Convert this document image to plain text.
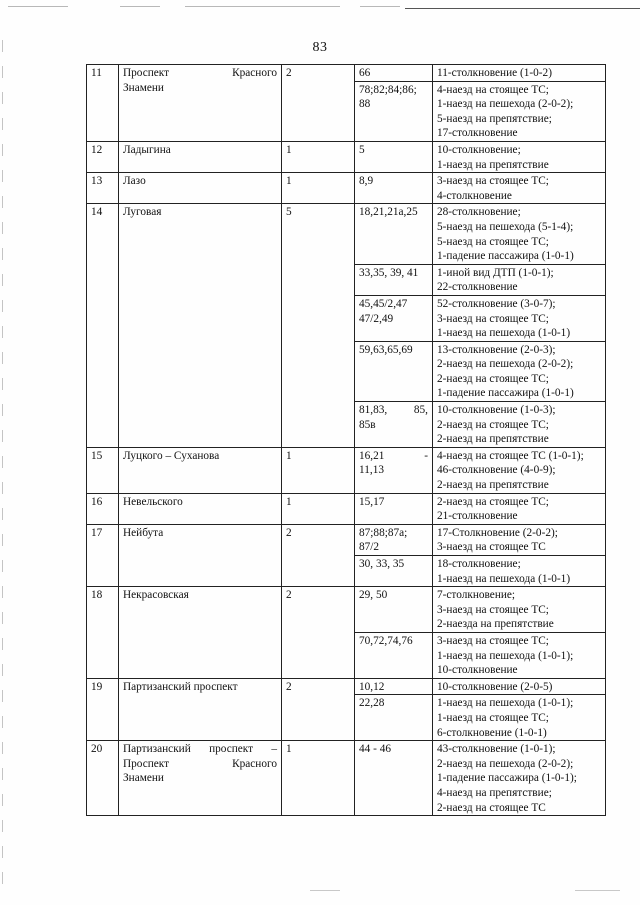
83
11	Проспект Красного
Знамени	2	66	11-столкновение (1-0-2)

			78;82;84;86;
88	4-наезд на стоящее ТС;
1-наезд на пешехода (2-0-2);
5-наезд на препятствие;
17-столкновение

12	Ладыгина	1	5	10-столкновение;
1-наезд на препятствие

13	Лазо	1	8,9	3-наезд на стоящее ТС;
4-столкновение

14	Луговая	5	18,21,21а,25	28-столкновение;
5-наезд на пешехода (5-1-4);
5-наезд на стоящее ТС;
1-падение пассажира (1-0-1)

			33,35, 39, 41	1-иной вид ДТП (1-0-1);
22-столкновение

			45,45/2,47
47/2,49	52-столкновение (3-0-7);
3-наезд на стоящее ТС;
1-наезд на пешехода (1-0-1)

			59,63,65,69	13-столкновение (2-0-3);
2-наезд на пешехода (2-0-2);
2-наезд на стоящее ТС;
1-падение пассажира (1-0-1)

			81,83, 85,
85в	10-столкновение (1-0-3);
2-наезд на стоящее ТС;
2-наезд на препятствие

15	Луцкого – Суханова	1	16,21 -
11,13	4-наезд на стоящее ТС (1-0-1);
46-столкновение (4-0-9);
2-наезд на препятствие

16	Невельского	1	15,17	2-наезд на стоящее ТС;
21-столкновение

17	Нейбута	2	87;88;87а;
87/2	17-Столкновение (2-0-2);
3-наезд на стоящее ТС

			30, 33, 35	18-столкновение;
1-наезд на пешехода (1-0-1)

18	Некрасовская	2	29, 50	7-столкновение;
3-наезд на стоящее ТС;
2-наезда на препятствие

			70,72,74,76	3-наезд на стоящее ТС;
1-наезд на пешехода (1-0-1);
10-столкновение

19	Партизанский проспект	2	10,12	10-столкновение (2-0-5)

			22,28	1-наезд на пешехода (1-0-1);
1-наезд на стоящее ТС;
6-столкновение (1-0-1)

20	Партизанский проспект –
Проспект Красного
Знамени	1	44 - 46	43-столкновение (1-0-1);
2-наезд на пешехода (2-0-2);
1-падение пассажира (1-0-1);
4-наезд на препятствие;
2-наезд на стоящее ТС
